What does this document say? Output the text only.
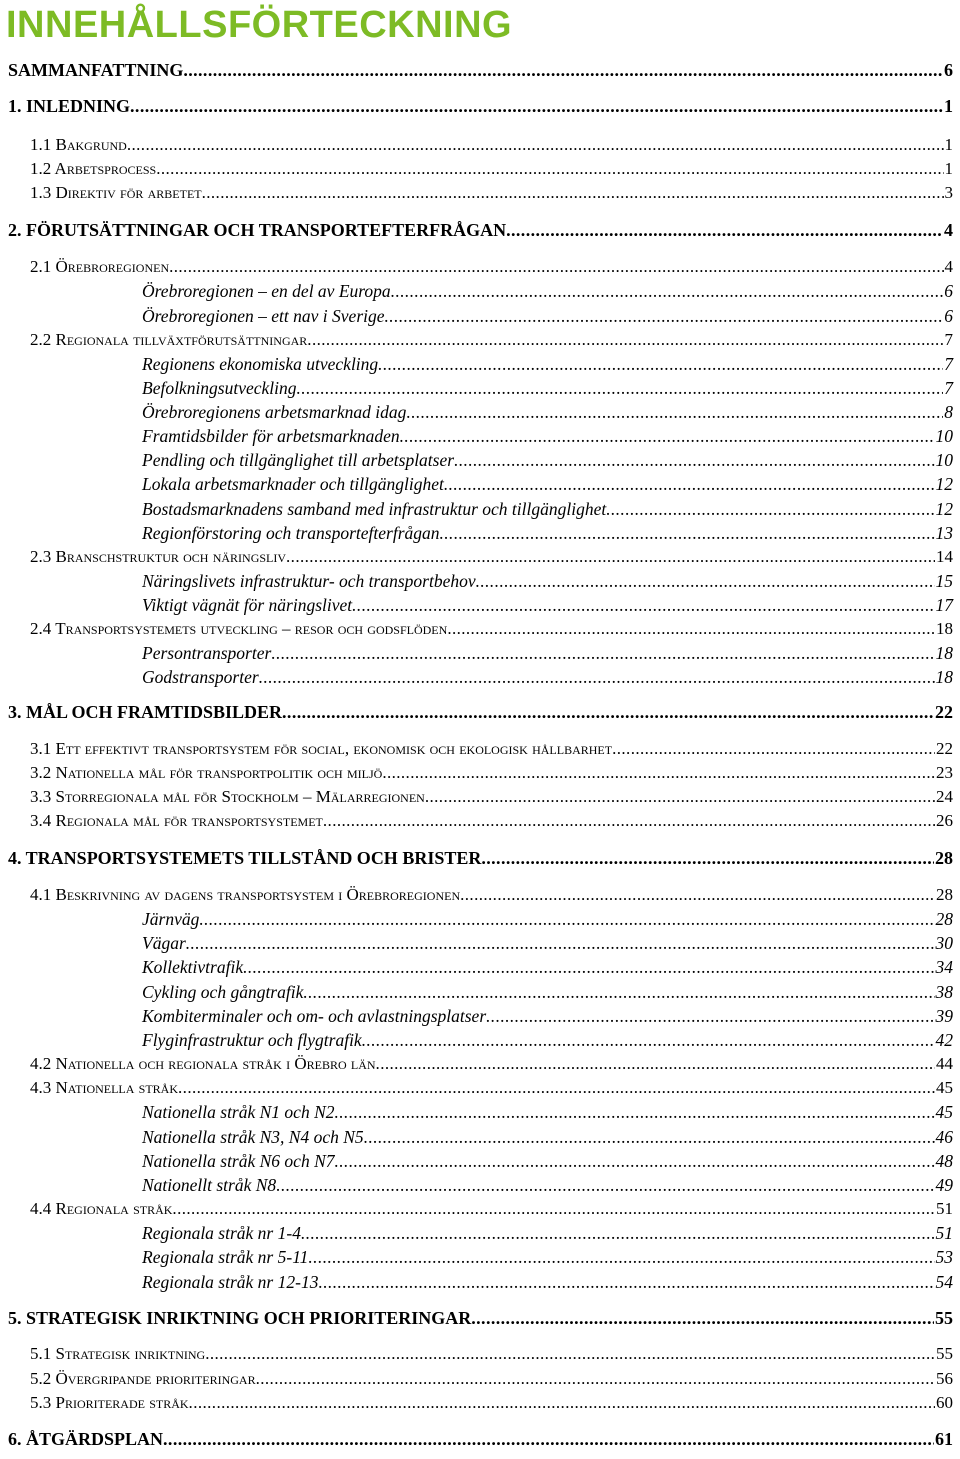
INNEHÅLLSFÖRTECKNING
SAMMANFATTNING .....	6
1. INLEDNING .....	1
1.1 Bakgrund .....	1
1.2 Arbetsprocess .....	1
1.3 Direktiv för arbetet .....	3
2. FÖRUTSÄTTNINGAR OCH TRANSPORTEFTERFRÅGAN .....	4
2.1 Örebroregionen .....	4
Örebroregionen – en del av Europa .....	6
Örebroregionen – ett nav i Sverige .....	6
2.2 Regionala tillväxtförutsättningar .....	7
Regionens ekonomiska utveckling .....	7
Befolkningsutveckling .....	7
Örebroregionens arbetsmarknad idag .....	8
Framtidsbilder för arbetsmarknaden .....	10
Pendling och tillgänglighet till arbetsplatser .....	10
Lokala arbetsmarknader och tillgänglighet .....	12
Bostadsmarknadens samband med infrastruktur och tillgänglighet .....	12
Regionförstoring och transportefterfrågan .....	13
2.3 Branschstruktur och näringsliv .....	14
Näringslivets infrastruktur- och transportbehov .....	15
Viktigt vägnät för näringslivet .....	17
2.4 Transportsystemets utveckling – resor och godsflöden .....	18
Persontransporter .....	18
Godstransporter .....	18
3. MÅL OCH FRAMTIDSBILDER .....	22
3.1 Ett effektivt transportsystem för social, ekonomisk och ekologisk hållbarhet .....	22
3.2 Nationella mål för transportpolitik och miljö .....	23
3.3 Storregionala mål för Stockholm – Mälarregionen .....	24
3.4 Regionala mål för transportsystemet .....	26
4. TRANSPORTSYSTEMETS TILLSTÅND OCH BRISTER .....	28
4.1 Beskrivning av dagens transportsystem i Örebroregionen .....	28
Järnväg .....	28
Vägar .....	30
Kollektivtrafik .....	34
Cykling och gångtrafik .....	38
Kombiterminaler och om- och avlastningsplatser .....	39
Flyginfrastruktur och flygtrafik .....	42
4.2 Nationella och regionala stråk i Örebro län .....	44
4.3 Nationella stråk .....	45
Nationella stråk N1 och N2 .....	45
Nationella stråk N3, N4 och N5 .....	46
Nationella stråk N6 och N7 .....	48
Nationellt stråk N8 .....	49
4.4 Regionala stråk .....	51
Regionala stråk nr 1-4 .....	51
Regionala stråk nr 5-11 .....	53
Regionala stråk nr 12-13 .....	54
5. STRATEGISK INRIKTNING OCH PRIORITERINGAR .....	55
5.1 Strategisk inriktning .....	55
5.2 Övergripande prioriteringar .....	56
5.3 Prioriterade stråk .....	60
6. ÅTGÄRDSPLAN .....	61
